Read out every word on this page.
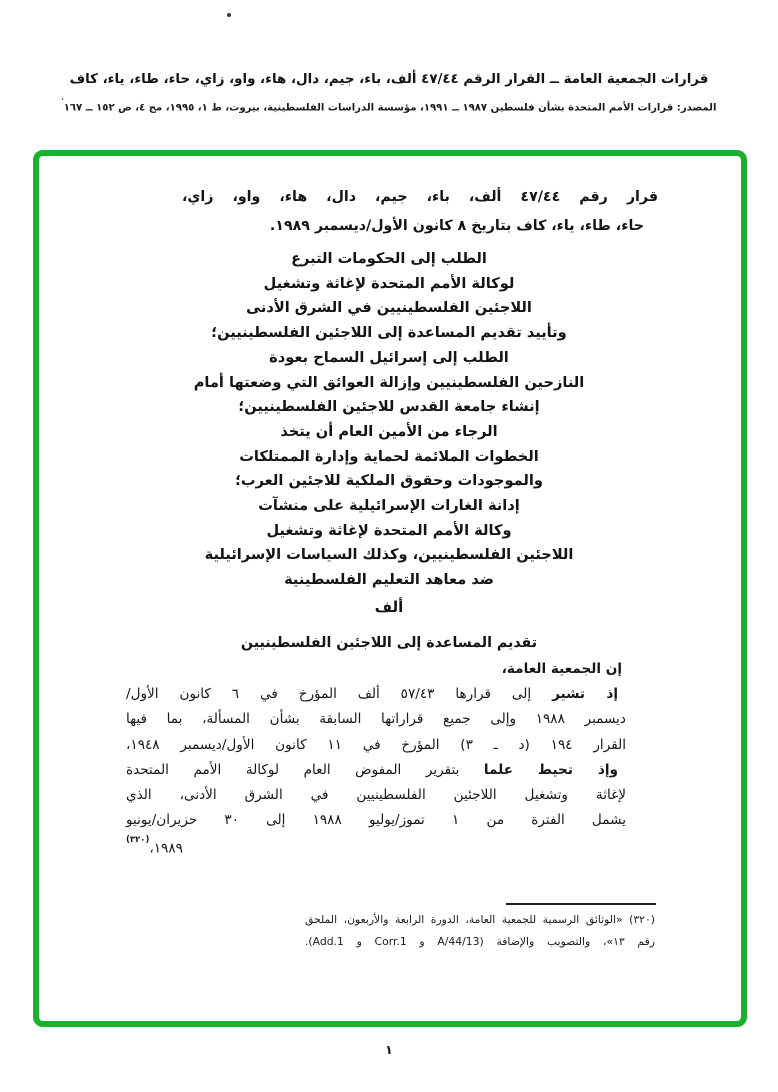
قرارات الجمعية العامة ــ القرار الرقم ٤٧/٤٤ ألف، باء، جيم، دال، هاء، واو، زاي، حاء، طاء، ياء، كاف
المصدر: قرارات الأمم المتحدة بشأن فلسطين ١٩٨٧ ــ ١٩٩١، مؤسسة الدراسات الفلسطينية، بيروت، ط ١، ١٩٩٥، مج ٤، ص ١٥٢ ــ ١٦٧'
قرار رقم ٤٧/٤٤ ألف، باء، جيم، دال، هاء، واو، زاي،
حاء، طاء، ياء، كاف بتاريخ ٨ كانون الأول/ديسمبر ١٩٨٩.
الطلب إلى الحكومات التبرع
لوكالة الأمم المتحدة لإغاثة وتشغيل
اللاجئين الفلسطينيين في الشرق الأدنى
وتأييد تقديم المساعدة إلى اللاجئين الفلسطينيين؛
الطلب إلى إسرائيل السماح بعودة
النازحين الفلسطينيين وإزالة العوائق التي وضعتها أمام
إنشاء جامعة القدس للاجئين الفلسطينيين؛
الرجاء من الأمين العام أن يتخذ
الخطوات الملائمة لحماية وإدارة الممتلكات
والموجودات وحقوق الملكية للاجئين العرب؛
إدانة الغارات الإسرائيلية على منشآت
وكالة الأمم المتحدة لإغاثة وتشغيل
اللاجئين الفلسطينيين، وكذلك السياسات الإسرائيلية
ضد معاهد التعليم الفلسطينية
ألف
تقديم المساعدة إلى اللاجئين الفلسطينيين
إن الجمعية العامة،
إذ تشير إلى قرارها ٥٧/٤٣ ألف المؤرخ في ٦ كانون الأول/
ديسمبر ١٩٨٨ وإلى جميع قراراتها السابقة بشأن المسألة، بما فيها
القرار ١٩٤ (د ـ ٣) المؤرخ في ١١ كانون الأول/ديسمبر ١٩٤٨،
وإذ تحيط علما بتقرير المفوض العام لوكالة الأمم المتحدة
لإغاثة وتشغيل اللاجئين الفلسطينيين في الشرق الأدنى، الذي
يشمل الفترة من ١ تموز/يوليو ١٩٨٨ إلى ٣٠ حزيران/يونيو
١٩٨٩،$^{(٣٢٠)}$
(٣٢٠) «الوثائق الرسمية للجمعية العامة، الدورة الرابعة والأربعون، الملحق
رقم ١٣»، والتصويب والإضافة (A/44/13 و Corr.1 و Add.1).
١
